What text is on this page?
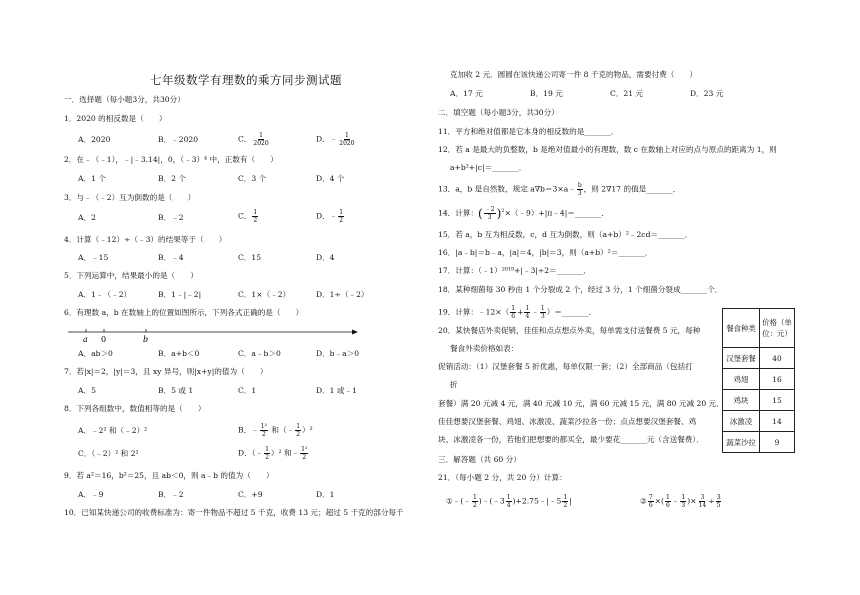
七年级数学有理数的乘方同步测试题
一．选择题（每小题3分，共30分）
1．2020 的相反数是（　　）
A．2020	B．﹣2020	C． $\frac{1}{2020}$	D．﹣ $\frac{1}{2020}$
2．在﹣（﹣1），﹣|﹣3.14|，0，（﹣3）⁴ 中，正数有（　　）
A．1 个	B．2 个	C．3 个	D．4 个
3．与﹣（﹣2）互为倒数的是（　　）
A．2	B．﹣2	C． $\frac{1}{2}$	D．﹣ $\frac{1}{2}$
4．计算（﹣12）÷（﹣3）的结果等于（　　）
A．﹣15	B．﹣4	C．15	D．4
5．下列运算中，结果最小的是（　　）
A．1﹣（﹣2）	B．1﹣|﹣2|	C．1×（﹣2）	D．1÷（﹣2）
6．有理数 a，b 在数轴上的位置如图所示，下列各式正确的是（　　）
a 0	b
A．ab＞0	B．a+b＜0	C．a﹣b＞0	D．b﹣a＞0
7．若|x|＝2，|y|＝3，且 xy 异号，则|x+y|的值为（　　）
A．5	B．5 或 1	C．1	D．1 或﹣1
8．下列各组数中，数值相等的是（　　）
A．﹣2² 和（﹣2）²	B．﹣ $\frac{\text{1²}}{2}$ 和（﹣ $\frac{1}{2} )^2$
C．（﹣2）² 和 2²	D．（﹣ $\frac{1}{2} )^2$ 和﹣ $\frac{\text{1²}}{2}$
9．若 a²＝16，b²＝25，且 ab＜0，则 a﹣b 的值为（　　）
A．﹣9	B．﹣2	C．+9	D．1
10．已知某快递公司的收费标准为：寄一件物品不超过 5 千克，收费 13 元；超过 5 千克的部分每千
克加收 2 元．圆圆在该快递公司寄一件 8 千克的物品，需要付费（　　）
A．17 元	B．19 元	C．21 元	D．23 元
二．填空题（每小题3分，共30分）
11．平方和绝对值都是它本身的相反数的是_______．
12．若 a 是最大的负整数，b 是绝对值最小的有理数，数 c 在数轴上对应的点与原点的距离为 1，则
a+b²+|c|＝_______．
13．a，b 是自然数，规定 a∇b＝3×a﹣ $\frac{b}{3}$ ，则 2∇17 的值是_______．
14．计算：( $\frac{﹣2}{3}$ )$^2$×（﹣9）+|π﹣4|＝_______．
15．若 a，b 互为相反数，c，d 互为倒数，则（a+b）²﹣2cd＝_______．
16．|a﹣b|＝b﹣a，|a|＝4，|b|＝3，则（a+b）²＝_______．
17．计算：（﹣1）²⁰¹⁹+|﹣3|÷2＝_______．
18．某种细菌每 30 秒由 1 个分裂成 2 个，经过 3 分，1 个细菌分裂成_______个．
19．计算：﹣12×（ $\frac{1}{6} + \frac{1}{4}$ ﹣ $\frac{1}{3}$ ）＝_______．
20．某快餐店外卖促销，佳佳和点点想点外卖，每单需支付送餐费 5 元，每种
餐食外卖价格如表：
促销活动：（1）汉堡套餐 5 折优惠，每单仅限一套；（2）全部商品（包括打
折
套餐）满 20 元减 4 元，满 40 元减 10 元，满 60 元减 15 元，满 80 元减 20 元．
佳佳想要汉堡套餐、鸡翅、冰激凌、蔬菜沙拉各一份；点点想要汉堡套餐、鸡
块、冰激凌各一份，若他们把想要的都买全，最少要花_______元（含送餐费）．
三．解答题（共 60 分）
21．（每小题 2 分，共 20 分）计算：
①﹣(﹣ $\frac{1}{2}$ )﹣(﹣3 $\frac{1}{4}$ )+2.75﹣|﹣5 $\frac{1}{2}$ |	② $\frac{7}{6}$ ×( $\frac{1}{6}$ ﹣ $\frac{1}{3}$ )× $\frac{3}{14} \div \frac{3}{5}$
餐食种类	价格（单
位：元）

汉堡套餐	40
鸡翅	16
鸡块	15
冰激凌	14
蔬菜沙拉	9
